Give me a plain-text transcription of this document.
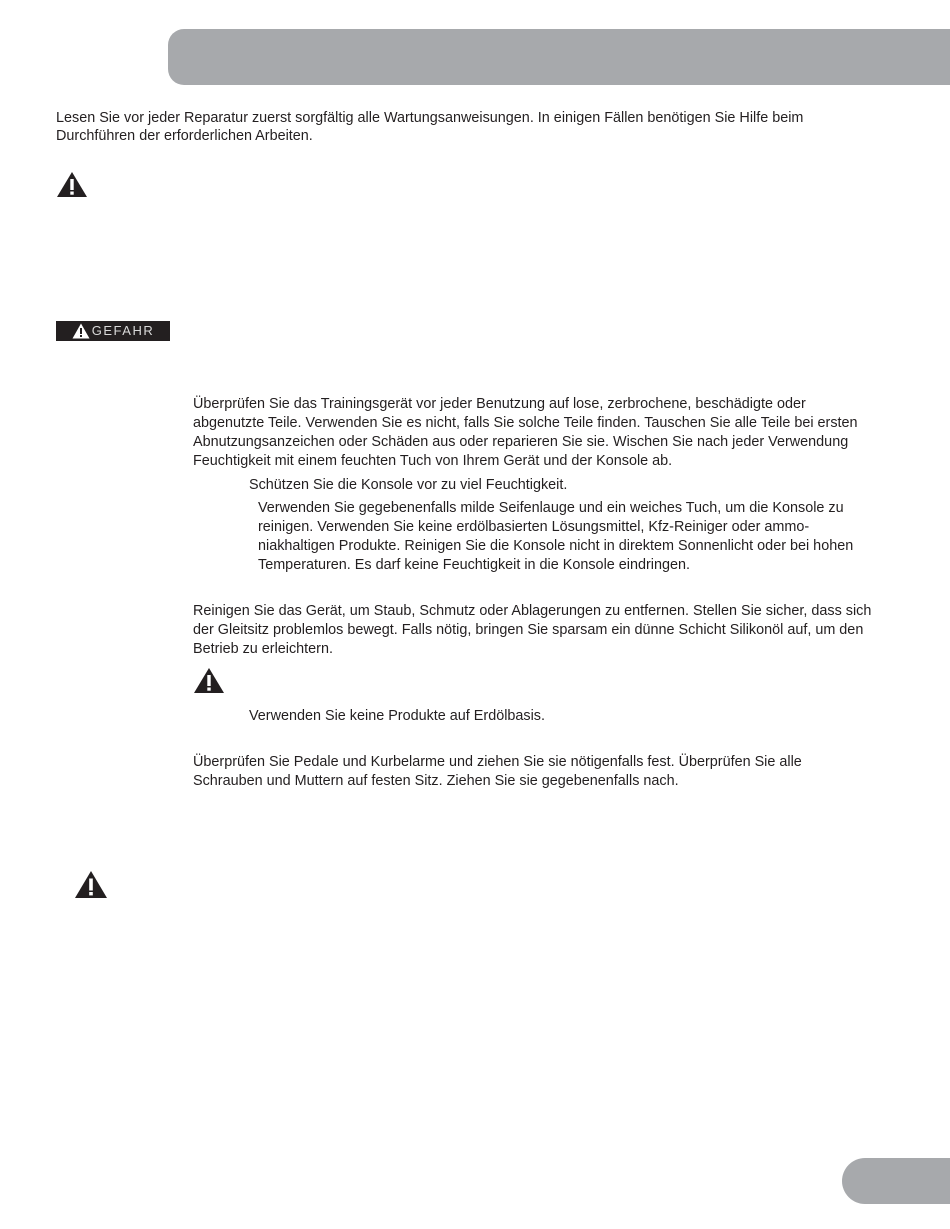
Lesen Sie vor jeder Reparatur zuerst sorgfältig alle Wartungsanweisungen. In einigen Fällen benötigen Sie Hilfe beim Durchführen der erforderlichen Arbeiten.

GEFAHR

Überprüfen Sie das Trainingsgerät vor jeder Benutzung auf lose, zerbrochene, beschädigte oder abgenutzte Teile. Verwenden Sie es nicht, falls Sie solche Teile finden. Tauschen Sie alle Teile bei ersten Abnutzungsanzeichen oder Schäden aus oder reparieren Sie sie. Wischen Sie nach jeder Verwendung Feuchtigkeit mit einem feuchten Tuch von Ihrem Gerät und der Konsole ab.

Schützen Sie die Konsole vor zu viel Feuchtigkeit.

Verwenden Sie gegebenenfalls milde Seifenlauge und ein weiches Tuch, um die Konsole zu reinigen. Verwenden Sie keine erdölbasierten Lösungsmittel, Kfz-Reiniger oder ammoniakhaltigen Produkte. Reinigen Sie die Konsole nicht in direktem Sonnenlicht oder bei hohen Temperaturen. Es darf keine Feuchtigkeit in die Konsole eindringen.

Reinigen Sie das Gerät, um Staub, Schmutz oder Ablagerungen zu entfernen. Stellen Sie sicher, dass sich der Gleitsitz problemlos bewegt. Falls nötig, bringen Sie sparsam ein dünne Schicht Silikonöl auf, um den Betrieb zu erleichtern.

Verwenden Sie keine Produkte auf Erdölbasis.

Überprüfen Sie Pedale und Kurbelarme und ziehen Sie sie nötigenfalls fest. Überprüfen Sie alle Schrauben und Muttern auf festen Sitz. Ziehen Sie sie gegebenenfalls nach.
